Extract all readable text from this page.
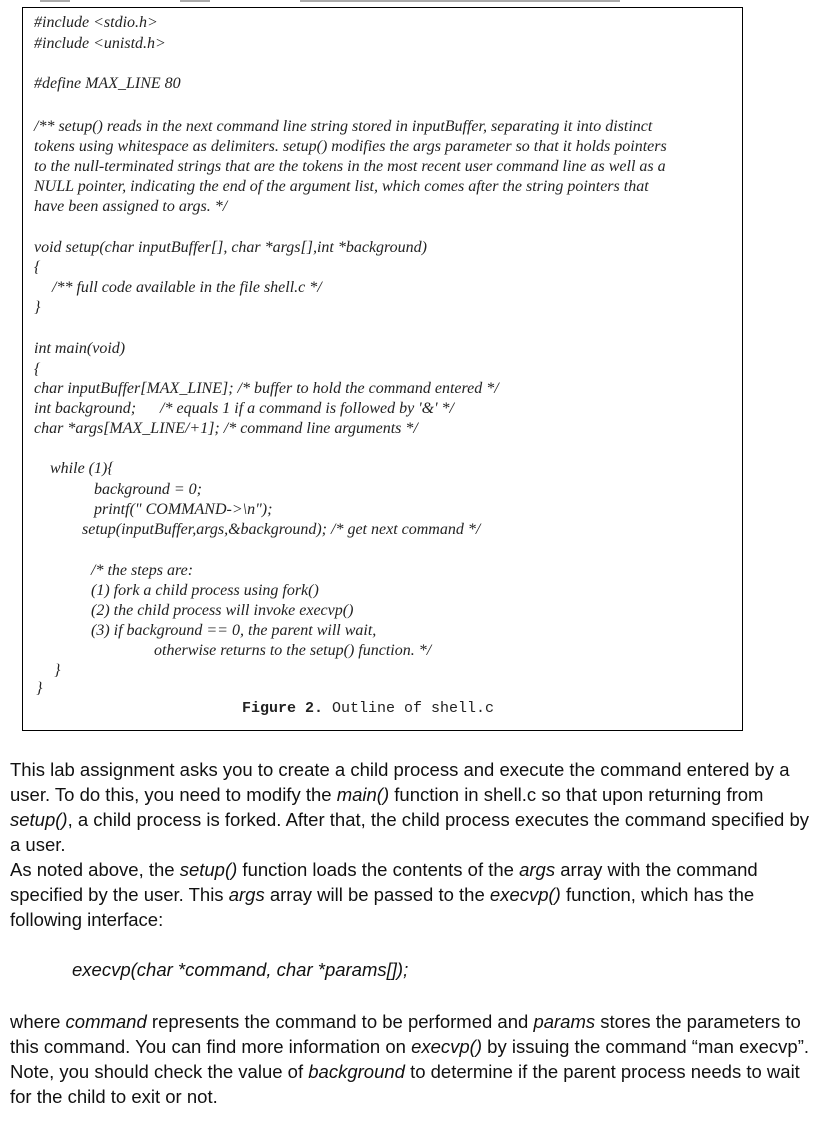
#include <stdio.h>
#include <unistd.h>
#define MAX_LINE 80
/** setup() reads in the next command line string stored in inputBuffer, separating it into distinct
tokens using whitespace as delimiters. setup() modifies the args parameter so that it holds pointers
to the null-terminated strings that are the tokens in the most recent user command line as well as a
NULL pointer, indicating the end of the argument list, which comes after the string pointers that
have been assigned to args. */
void setup(char inputBuffer[], char *args[],int *background)
{
/** full code available in the file shell.c */
}
int main(void)
{
char inputBuffer[MAX_LINE]; /* buffer to hold the command entered */
int background;      /* equals 1 if a command is followed by '&' */
char *args[MAX_LINE/+1]; /* command line arguments */
while (1){
background = 0;
printf(" COMMAND->\n");
setup(inputBuffer,args,&background); /* get next command */
/* the steps are:
(1) fork a child process using fork()
(2) the child process will invoke execvp()
(3) if background == 0, the parent will wait,
otherwise returns to the setup() function. */
}
}
Figure 2. Outline of shell.c
This lab assignment asks you to create a child process and execute the command entered by a user. To do this, you need to modify the main() function in shell.c so that upon returning from setup(), a child process is forked. After that, the child process executes the command specified by a user.
As noted above, the setup() function loads the contents of the args array with the command specified by the user. This args array will be passed to the execvp() function, which has the following interface:
execvp(char *command, char *params[]);
where command represents the command to be performed and params stores the parameters to this command. You can find more information on execvp() by issuing the command “man execvp”. Note, you should check the value of background to determine if the parent process needs to wait for the child to exit or not.
